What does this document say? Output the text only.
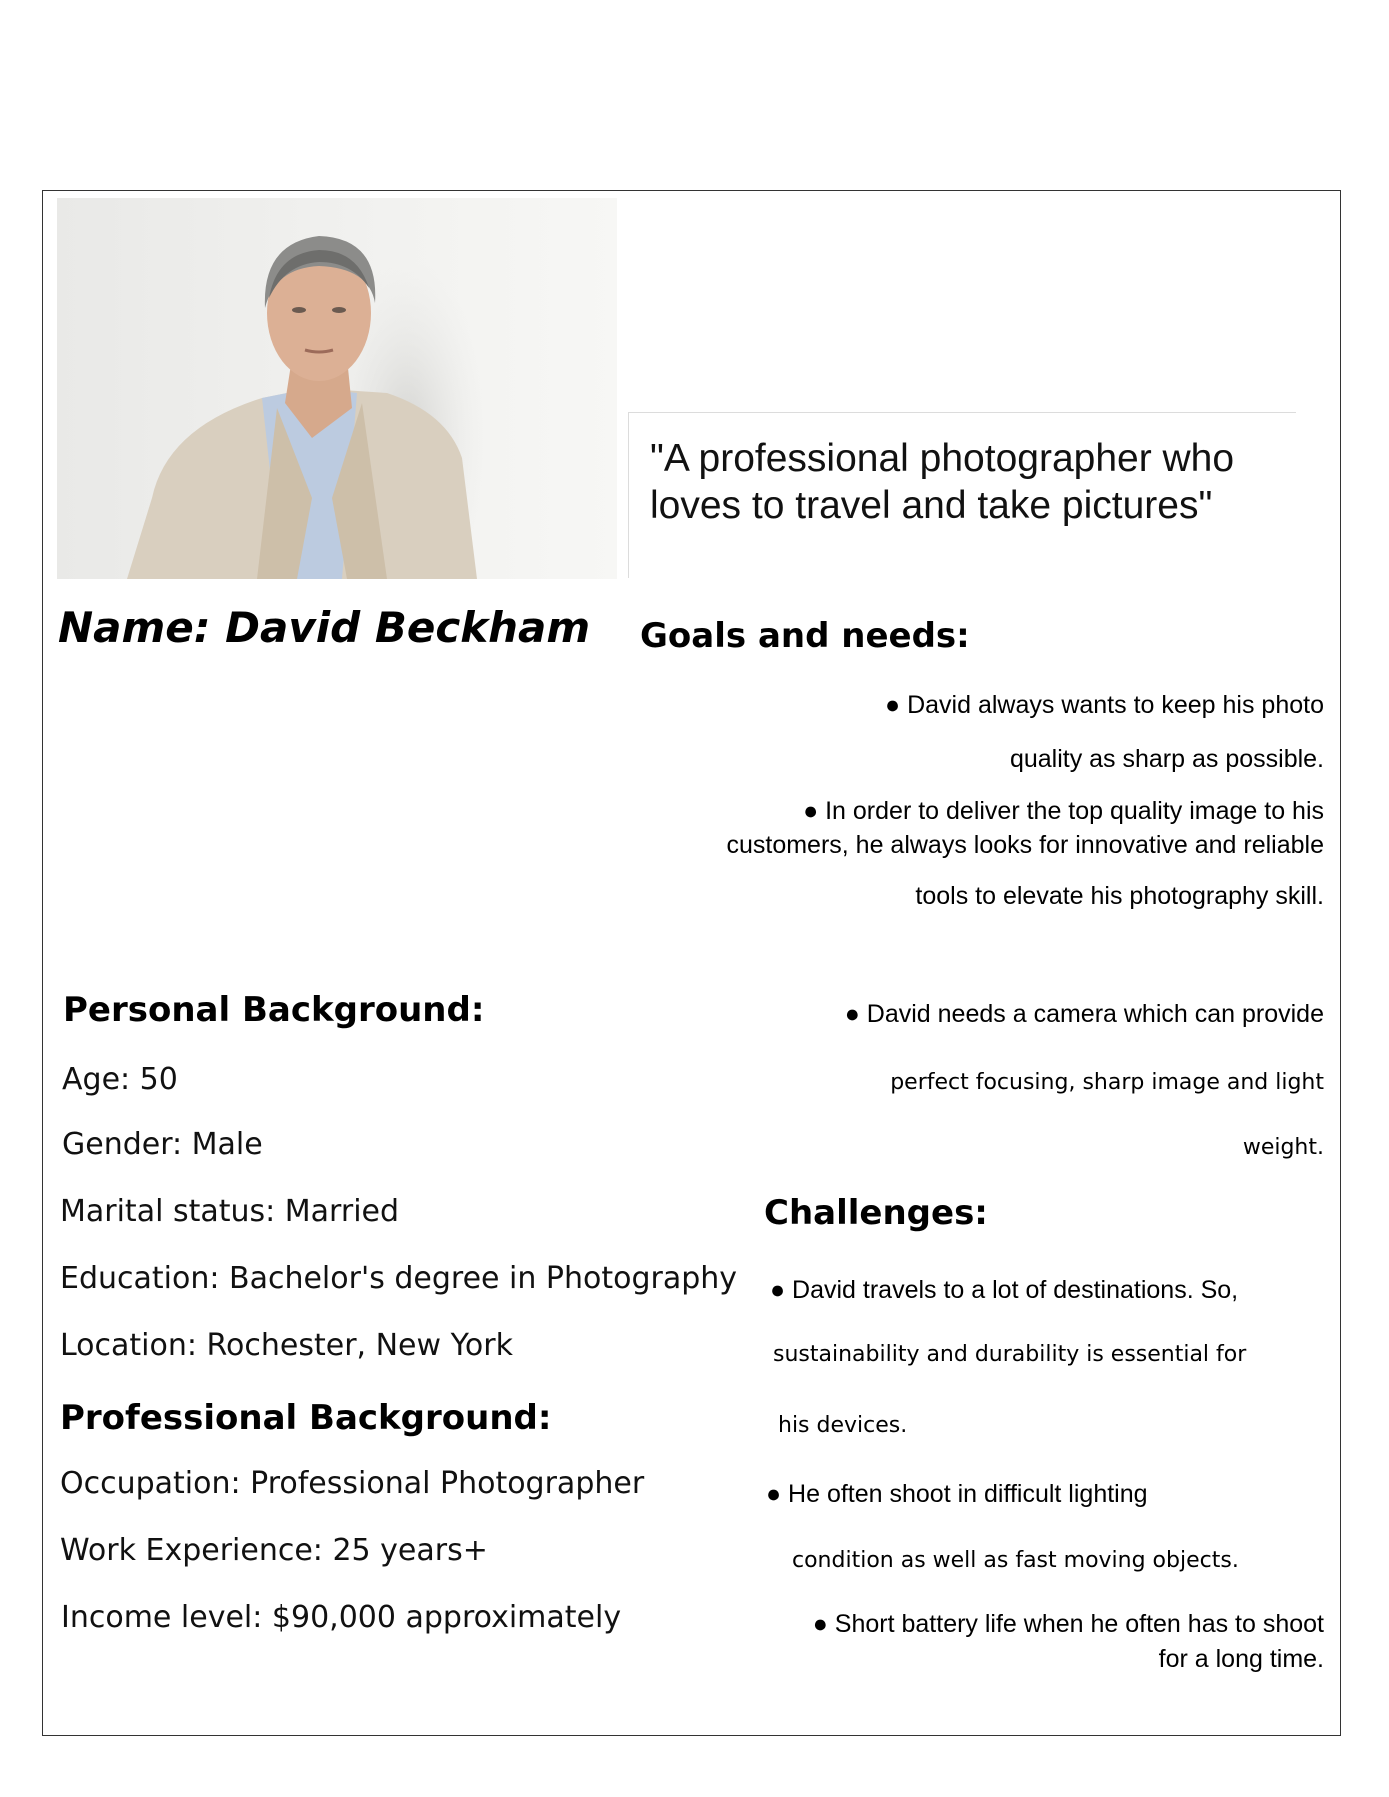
"A professional photographer who loves to travel and take pictures"
Name: David Beckham Goals and needs:
● David always wants to keep his photo
quality as sharp as possible.
● In order to deliver the top quality image to his
customers, he always looks for innovative and reliable
tools to elevate his photography skill.
● David needs a camera which can provide
perfect focusing, sharp image and light
weight.
Personal Background:
Age: 50
Gender: Male
Marital status: Married
Education: Bachelor's degree in Photography
Location: Rochester, New York
Professional Background:
Occupation: Professional Photographer
Work Experience: 25 years+
Income level: $90,000 approximately
Challenges:
● David travels to a lot of destinations. So,
sustainability and durability is essential for
his devices.
● He often shoot in difficult lighting
condition as well as fast moving objects.
● Short battery life when he often has to shoot
for a long time.
